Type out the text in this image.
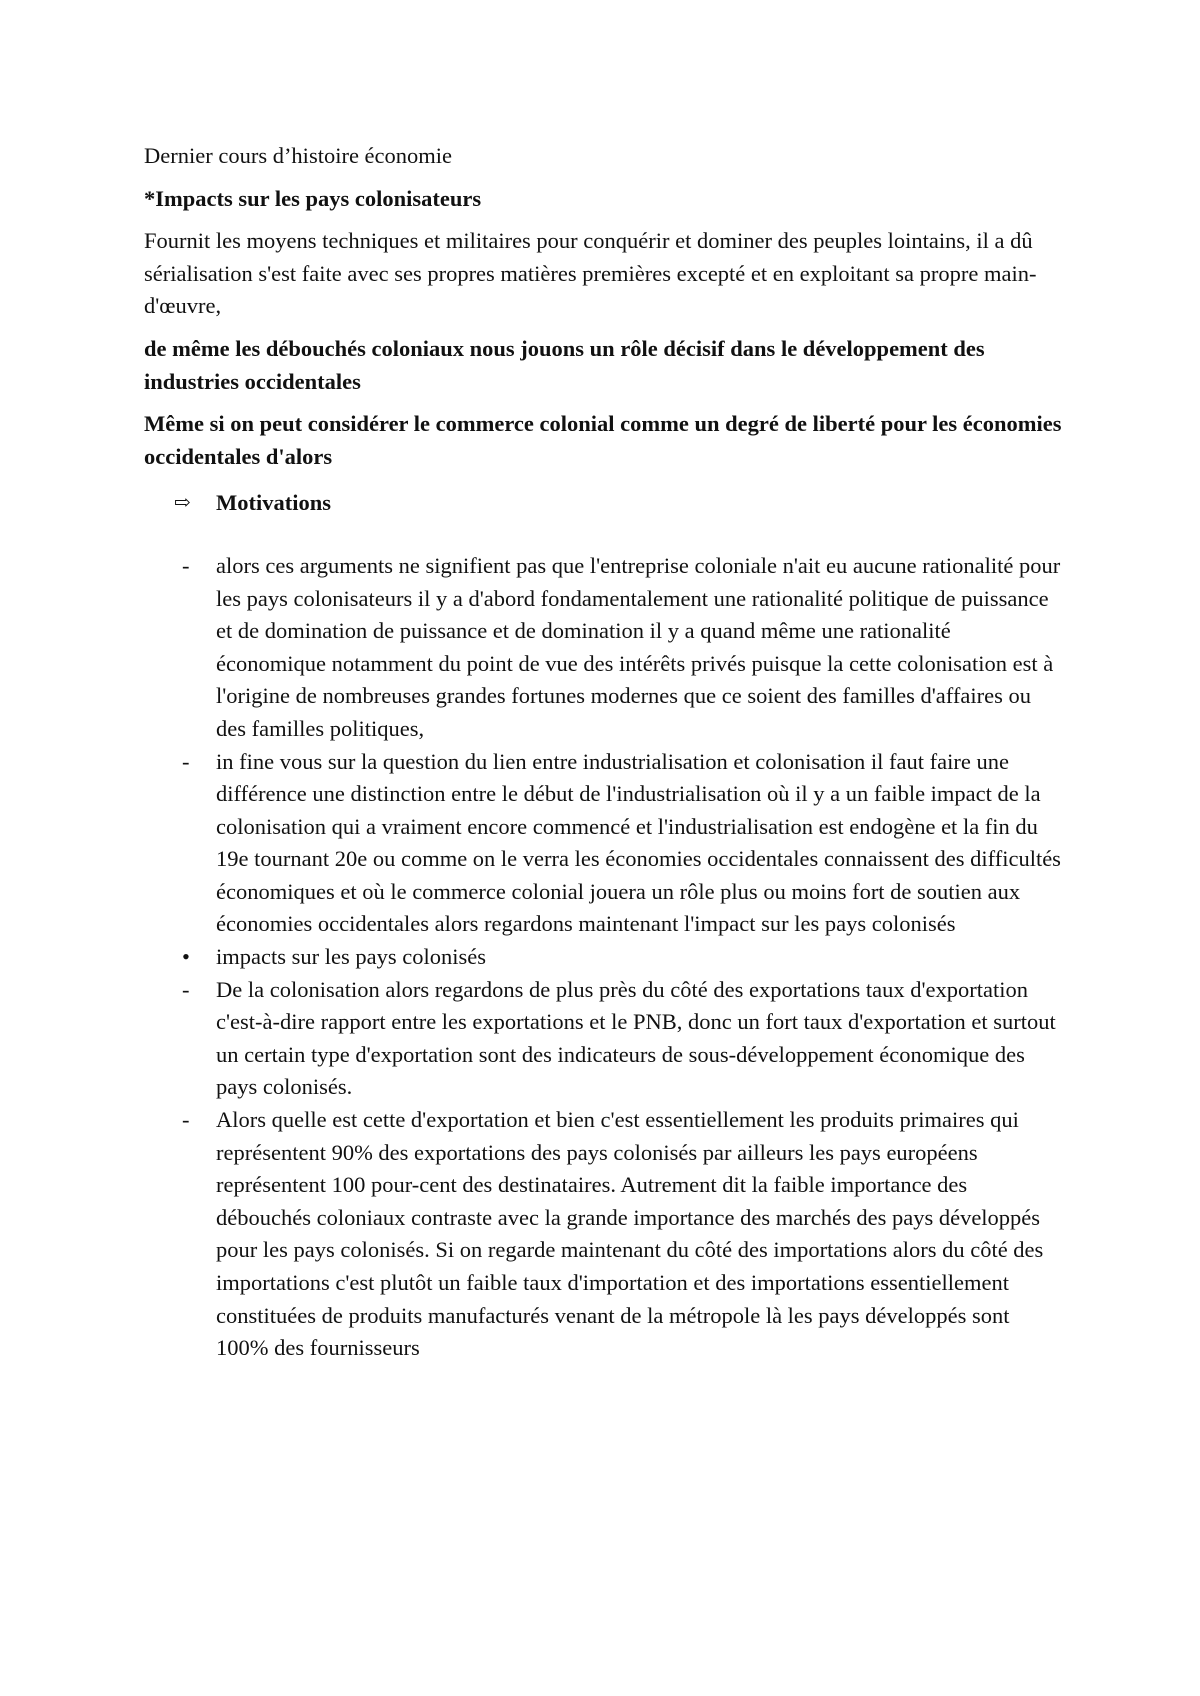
Dernier cours d’histoire économie

*Impacts sur les pays colonisateurs

Fournit les moyens techniques et militaires pour conquérir et dominer des peuples lointains, il a dû sérialisation s'est faite avec ses propres matières premières excepté et en exploitant sa propre main-d'œuvre,

de même les débouchés coloniaux nous jouons un rôle décisif dans le développement des industries occidentales

Même si on peut considérer le commerce colonial comme un degré de liberté pour les économies occidentales d'alors

⇨	Motivations
-	alors ces arguments ne signifient pas que l'entreprise coloniale n'ait eu aucune rationalité pour les pays colonisateurs il y a d'abord fondamentalement une rationalité politique de puissance et de domination de puissance et de domination il y a quand même une rationalité économique notamment du point de vue des intérêts privés puisque la cette colonisation est à l'origine de nombreuses grandes fortunes modernes que ce soient des familles d'affaires ou des familles politiques,
-	in fine vous sur la question du lien entre industrialisation et colonisation il faut faire une différence une distinction entre le début de l'industrialisation où il y a un faible impact de la colonisation qui a vraiment encore commencé et l'industrialisation est endogène et la fin du 19e tournant 20e ou comme on le verra les économies occidentales connaissent des difficultés économiques et où le commerce colonial jouera un rôle plus ou moins fort de soutien aux économies occidentales alors regardons maintenant l'impact sur les pays colonisés
•	impacts sur les pays colonisés
-	De la colonisation alors regardons de plus près du côté des exportations taux d'exportation c'est-à-dire rapport entre les exportations et le PNB, donc un fort taux d'exportation et surtout un certain type d'exportation sont des indicateurs de sous-développement économique des pays colonisés.
-	Alors quelle est cette d'exportation et bien c'est essentiellement les produits primaires qui représentent 90% des exportations des pays colonisés par ailleurs les pays européens représentent 100 pour-cent des destinataires. Autrement dit la faible importance des débouchés coloniaux contraste avec la grande importance des marchés des pays développés pour les pays colonisés. Si on regarde maintenant du côté des importations alors du côté des importations c'est plutôt un faible taux d'importation et des importations essentiellement constituées de produits manufacturés venant de la métropole là les pays développés sont 100% des fournisseurs
